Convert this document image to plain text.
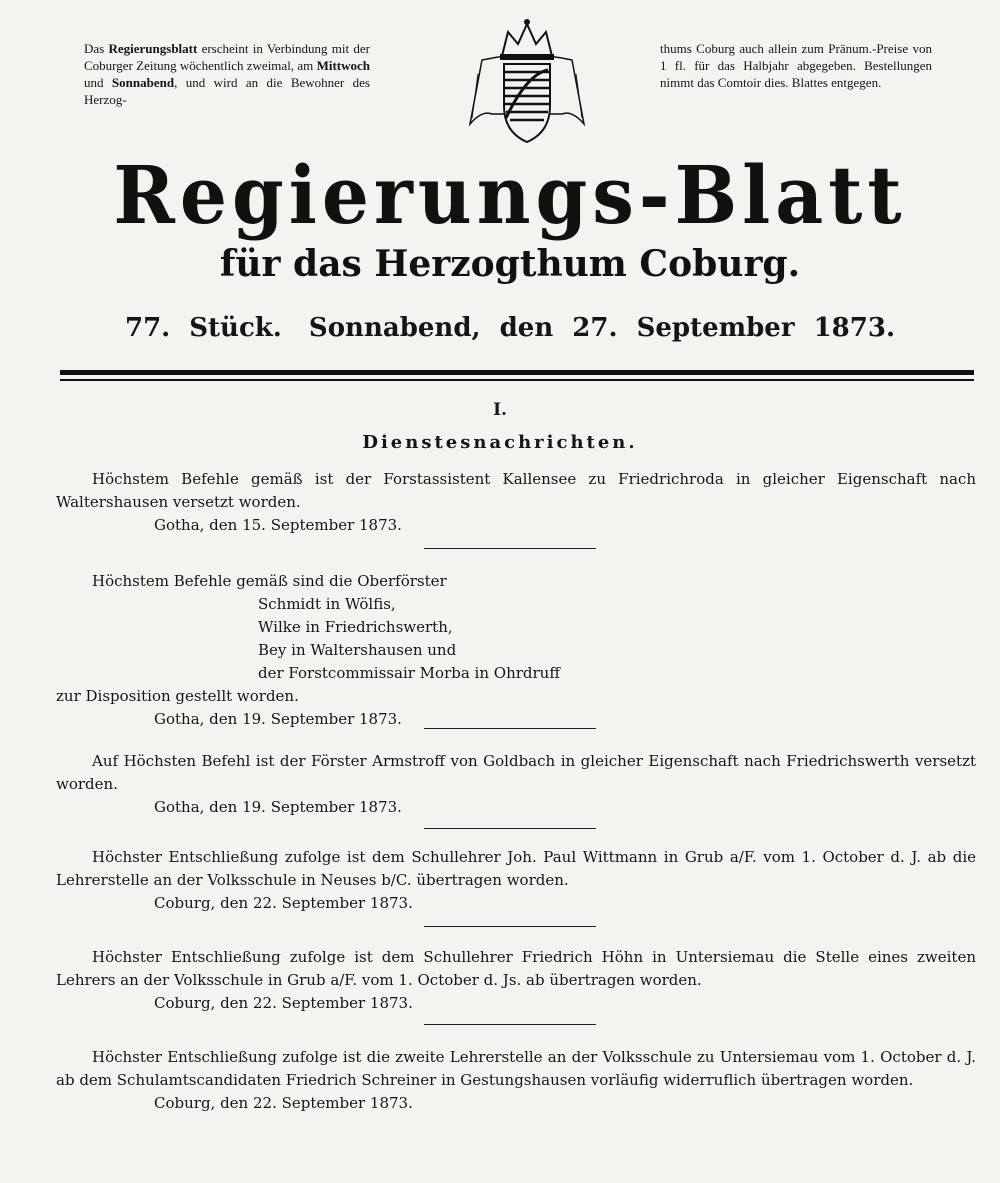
Das Regierungsblatt erscheint in Verbindung mit der Coburger Zeitung wöchentlich zweimal, am Mittwoch und Sonnabend, und wird an die Bewohner des Herzog-
thums Coburg auch allein zum Pränum.-Preise von 1 fl. für das Halbjahr abgegeben. Bestellungen nimmt das Comtoir dies. Blattes entgegen.
Regierungs-Blatt
für das Herzogthum Coburg.
77. Stück. Sonnabend, den 27. September 1873.
I.
Dienstesnachrichten.

Höchstem Befehle gemäß ist der Forstassistent Kallensee zu Friedrichroda in gleicher Eigenschaft nach Waltershausen versetzt worden.

Gotha, den 15. September 1873.
Höchstem Befehle gemäß sind die Oberförster
Schmidt in Wölfis,
Wilke in Friedrichswerth,
Bey in Waltershausen und
der Forstcommissair Morba in Ohrdruff
zur Disposition gestellt worden.
Gotha, den 19. September 1873.

Auf Höchsten Befehl ist der Förster Armstroff von Goldbach in gleicher Eigenschaft nach Friedrichswerth versetzt worden.

Gotha, den 19. September 1873.

Höchster Entschließung zufolge ist dem Schullehrer Joh. Paul Wittmann in Grub a/F. vom 1. October d. J. ab die Lehrerstelle an der Volksschule in Neuses b/C. übertragen worden.

Coburg, den 22. September 1873.

Höchster Entschließung zufolge ist dem Schullehrer Friedrich Höhn in Untersiemau die Stelle eines zweiten Lehrers an der Volksschule in Grub a/F. vom 1. October d. Js. ab übertragen worden.

Coburg, den 22. September 1873.

Höchster Entschließung zufolge ist die zweite Lehrerstelle an der Volksschule zu Untersiemau vom 1. October d. J. ab dem Schulamtscandidaten Friedrich Schreiner in Gestungshausen vorläufig widerruflich übertragen worden.

Coburg, den 22. September 1873.
